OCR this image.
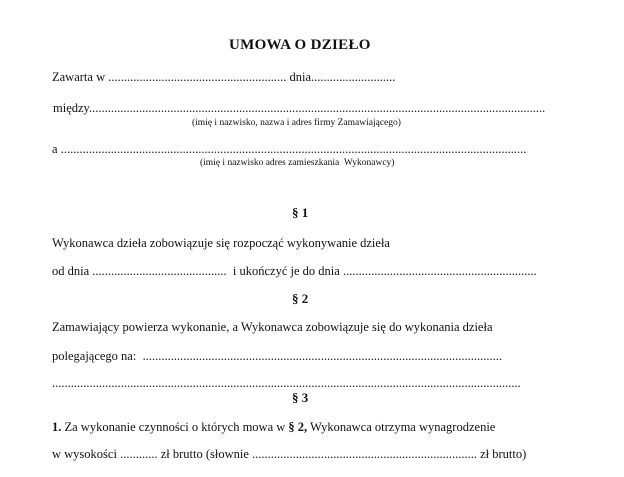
UMOWA O DZIEŁO
Zawarta w ......................................................... dnia...........................
między..................................................................................................................................................
(imię i nazwisko, nazwa i adres firmy Zamawiającego)
a .....................................................................................................................................................
(imię i nazwisko adres zamieszkania  Wykonawcy)
§ 1
Wykonawca dzieła zobowiązuje się rozpocząć wykonywanie dzieła
od dnia ...........................................  i ukończyć je do dnia ..............................................................
§ 2
Zamawiający powierza wykonanie, a Wykonawca zobowiązuje się do wykonania dzieła
polegającego na:  ...................................................................................................................
......................................................................................................................................................
§ 3
1. Za wykonanie czynności o których mowa w § 2, Wykonawca otrzyma wynagrodzenie
w wysokości ............ zł brutto (słownie ........................................................................ zł brutto)
